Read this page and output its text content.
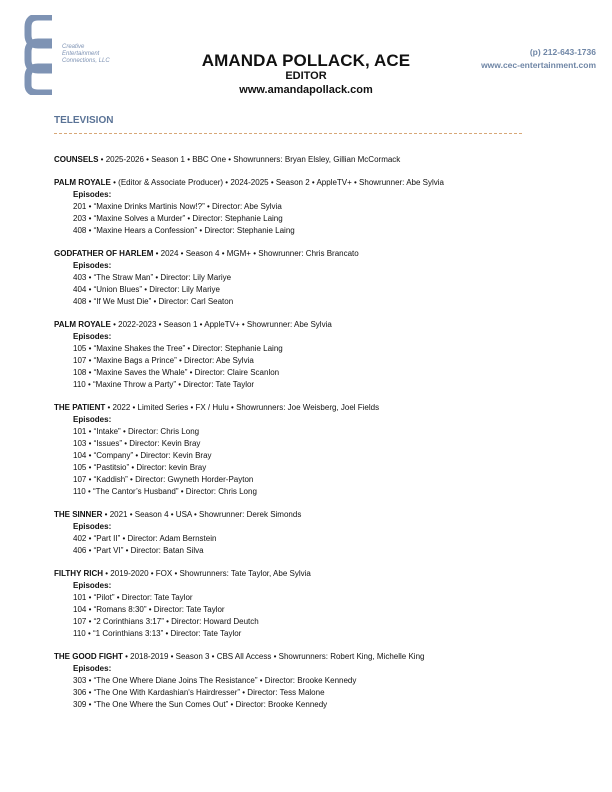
Creative
Entertainment
Connections, LLC	AMANDA POLLACK, ACE
EDITOR
www.amandapollack.com
(p) 212-643-1736
www.cec-entertainment.com
TELEVISION
COUNSELS • 2025-2026 • Season 1 • BBC One • Showrunners: Bryan Elsley, Gillian McCormack
PALM ROYALE • (Editor & Associate Producer) • 2024-2025 • Season 2 • AppleTV+ • Showrunner: Abe Sylvia
Episodes:
201 • “Maxine Drinks Martinis Now!?” • Director: Abe Sylvia
203 • “Maxine Solves a Murder” • Director: Stephanie Laing
408 • “Maxine Hears a Confession” • Director: Stephanie Laing
GODFATHER OF HARLEM • 2024 • Season 4 • MGM+ • Showrunner: Chris Brancato
Episodes:
403 • “The Straw Man” • Director: Lily Mariye
404 • “Union Blues” • Director: Lily Mariye
408 • “If We Must Die” • Director: Carl Seaton
PALM ROYALE • 2022-2023 • Season 1 • AppleTV+ • Showrunner: Abe Sylvia
Episodes:
105 • “Maxine Shakes the Tree” • Director: Stephanie Laing
107 • “Maxine Bags a Prince” • Director: Abe Sylvia
108 • “Maxine Saves the Whale” • Director: Claire Scanlon
110 • “Maxine Throw a Party” • Director: Tate Taylor
THE PATIENT • 2022 • Limited Series • FX / Hulu • Showrunners: Joe Weisberg, Joel Fields
Episodes:
101 • “Intake” • Director: Chris Long
103 • “Issues” • Director: Kevin Bray
104 • “Company” • Director: Kevin Bray
105 • “Pastitsio” • Director: kevin Bray
107 • “Kaddish” • Director: Gwyneth Horder-Payton
110 • “The Cantor’s Husband” • Director: Chris Long
THE SINNER • 2021 • Season 4 • USA • Showrunner: Derek Simonds
Episodes:
402 • “Part II” • Director: Adam Bernstein
406 • “Part VI” • Director: Batan Silva
FILTHY RICH • 2019-2020 • FOX • Showrunners: Tate Taylor, Abe Sylvia
Episodes:
101 • “Pilot” • Director: Tate Taylor
104 • “Romans 8:30” • Director: Tate Taylor
107 • “2 Corinthians 3:17” • Director: Howard Deutch
110 • “1 Corinthians 3:13” • Director: Tate Taylor
THE GOOD FIGHT • 2018-2019 • Season 3 • CBS All Access • Showrunners: Robert King, Michelle King
Episodes:
303 • “The One Where Diane Joins The Resistance” • Director: Brooke Kennedy
306 • “The One With Kardashian's Hairdresser” • Director: Tess Malone
309 • “The One Where the Sun Comes Out” • Director: Brooke Kennedy
